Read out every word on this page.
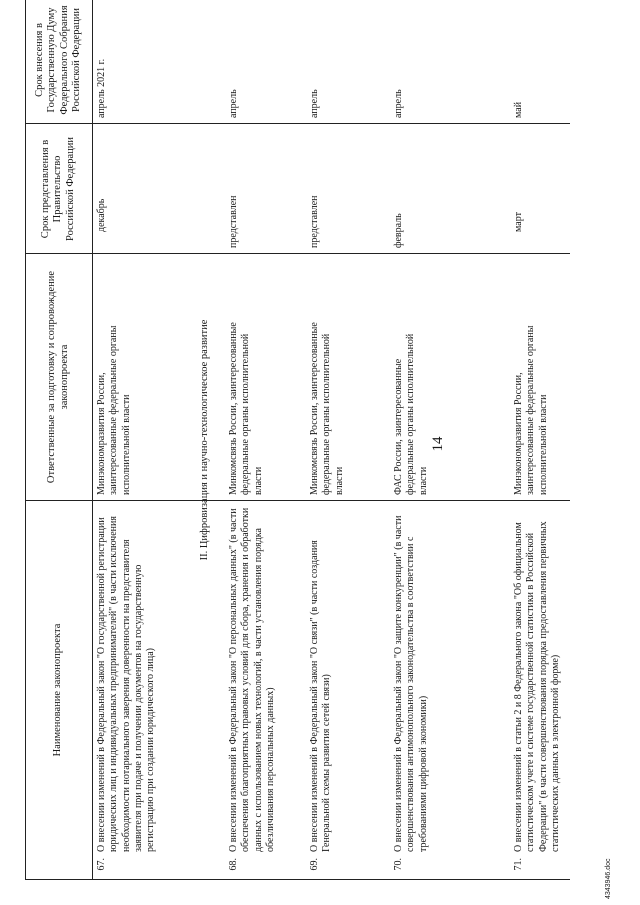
14
4343946.doc
Наименование законопроекта
Ответственные за подготовку и сопровождение законопроекта
Срок представления в Правительство Российской Федерации
Срок внесения в Государственную Думу Федерального Собрания Российской Федерации
67.
О внесении изменений в Федеральный закон "О государственной регистрации юридических лиц и индивидуальных предпринимателей" (в части исключения необходимости нотариального заверения доверенности на представителя заявителя при подаче и получении документов на государственную регистрацию при создании юридического лица)
Минэкономразвития России, заинтересованные федеральные органы исполнительной власти
декабрь
апрель 2021 г.
II. Цифровизация и научно-технологическое развитие
68.
О внесении изменений в Федеральный закон "О персональных данных" (в части обеспечения благоприятных правовых условий для сбора, хранения и обработки данных с использованием новых технологий, в части установления порядка обезличивания персональных данных)
Минкомсвязь России, заинтересованные федеральные органы исполнительной власти
представлен
апрель
69.
О внесении изменений в Федеральный закон "О связи" (в части создания Генеральной схемы развития сетей связи)
Минкомсвязь России, заинтересованные федеральные органы исполнительной власти
представлен
апрель
70.
О внесении изменений в Федеральный закон "О защите конкуренции" (в части совершенствования антимонопольного законодательства в соответствии с требованиями цифровой экономики)
ФАС России, заинтересованные федеральные органы исполнительной власти
февраль
апрель
71.
О внесении изменений в статьи 2 и 8 Федерального закона "Об официальном статистическом учете и системе государственной статистики в Российской Федерации" (в части совершенствования порядка предоставления первичных статистических данных в электронной форме)
Минэкономразвития России, заинтересованные федеральные органы исполнительной власти
март
май
